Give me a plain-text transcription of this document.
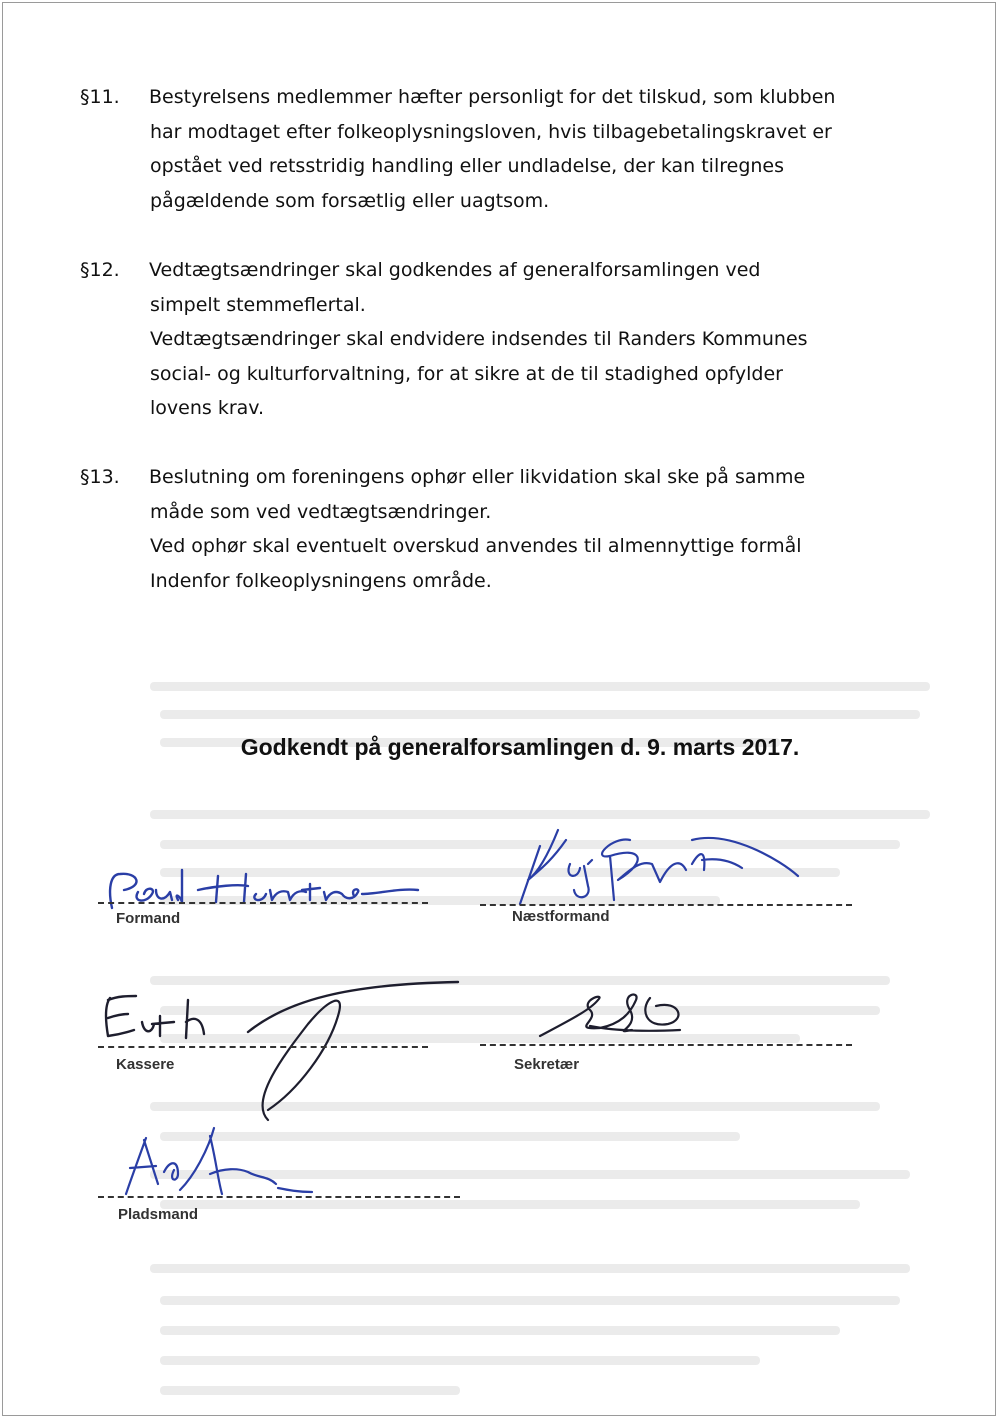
§11. Bestyrelsens medlemmer hæfter personligt for det tilskud, som klubben
har modtaget efter folkeoplysningsloven, hvis tilbagebetalingskravet er
opstået ved retsstridig handling eller undladelse, der kan tilregnes
pågældende som forsætlig eller uagtsom.
§12. Vedtægtsændringer skal godkendes af generalforsamlingen ved
simpelt stemmeflertal.
Vedtægtsændringer skal endvidere indsendes til Randers Kommunes
social- og kulturforvaltning, for at sikre at de til stadighed opfylder
lovens krav.
§13. Beslutning om foreningens ophør eller likvidation skal ske på samme
måde som ved vedtægtsændringer.
Ved ophør skal eventuelt overskud anvendes til almennyttige formål
Indenfor folkeoplysningens område.
Godkendt på generalforsamlingen d. 9. marts 2017.
Formand	Næstformand
Kassere	Sekretær
Pladsmand
